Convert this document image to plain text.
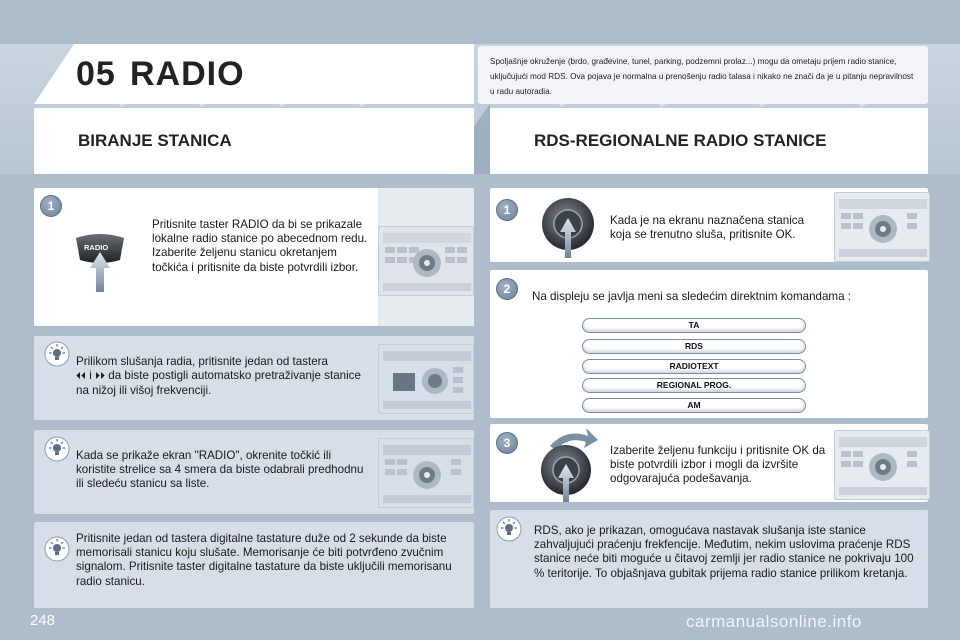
05 RADIO	Spoljašnje okruženje (brdo, građevine, tunel, parking, podzemni prolaz...) mogu da ometaju prijem radio stanice, uključujući mod RDS. Ova pojava je normalna u prenošenju radio talasa i nikako ne znači da je u pitanju nepravilnost u radu autoradia.
BIRANJE STANICA	RDS-REGIONALNE RADIO STANICE
1
RADIO
Pritisnite taster RADIO da bi se prikazale lokalne radio stanice po abecednom redu. Izaberite željenu stanicu okretanjem točkića i pritisnite da biste potvrdili izbor.
Prilikom slušanja radia, pritisnite jedan od tastera
⏴⏴ i ⏵⏵ da biste postigli automatsko pretraživanje stanice na nižoj ili višoj frekvenciji.
Kada se prikaže ekran "RADIO", okrenite točkić ili koristite strelice sa 4 smera da biste odabrali predhodnu ili sledeću stanicu sa liste.
Pritisnite jedan od tastera digitalne tastature duže od 2 sekunde da biste memorisali stanicu koju slušate. Memorisanje će biti potvrđeno zvučnim signalom. Pritisnite taster digitalne tastature da biste uključili memorisanu radio stanicu.
1
Kada je na ekranu naznačena stanica koja se trenutno sluša, pritisnite OK.
2
Na displeju se javlja meni sa sledećim direktnim komandama :
TA
RDS
RADIOTEXT
REGIONAL PROG.
AM
3
Izaberite željenu funkciju i pritisnite OK da biste potvrdili izbor i mogli da izvršite odgovarajuća podešavanja.
RDS, ako je prikazan, omogućava nastavak slušanja iste stanice zahvaljujući praćenju frekfencije. Međutim, nekim uslovima praćenje RDS stanice neće biti moguće u čitavoj zemlji jer radio stanice ne pokrivaju 100 % teritorije. To objašnjava gubitak prijema radio stanice prilikom kretanja.
248	carmanualsonline.info
